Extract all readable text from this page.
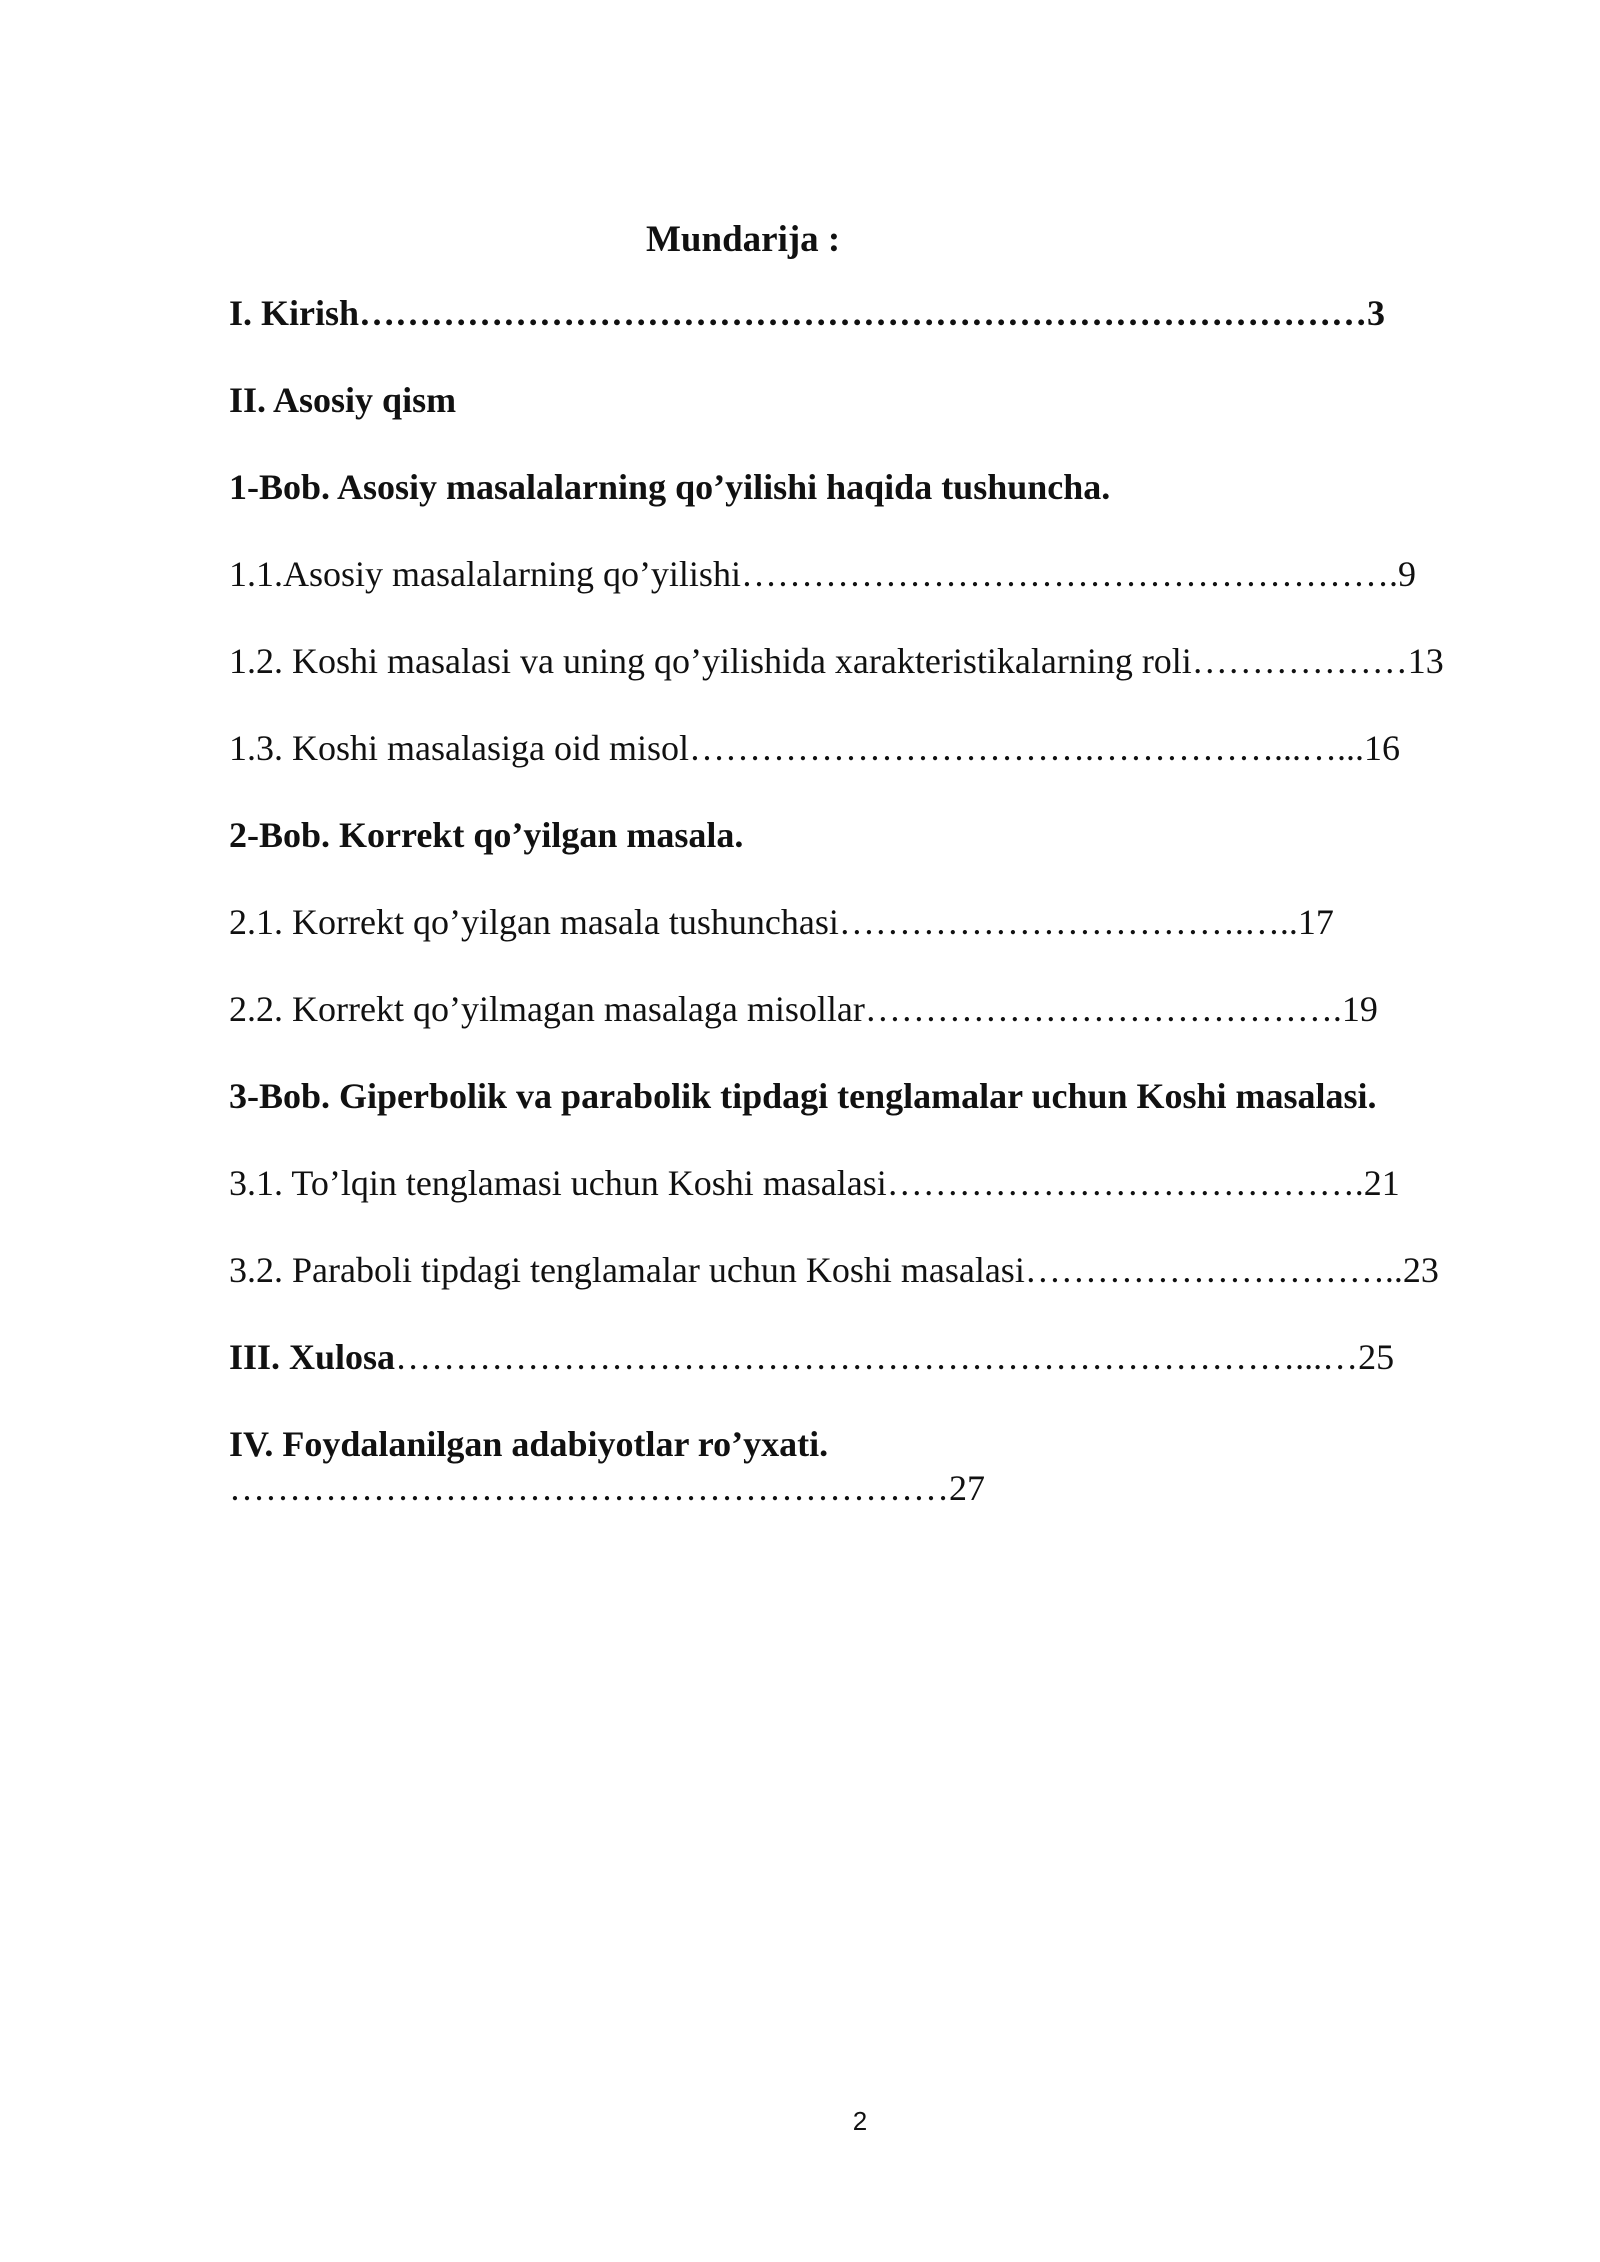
Mundarija :
I. Kirish…………………………………………………………………………3
II. Asosiy qism
1-Bob. Asosiy masalalarning qo’yilishi haqida tushuncha.
1.1.Asosiy masalalarning qo’yilishi……………………………………………….9
1.2. Koshi masalasi va uning qo’yilishida xarakteristikalarning roli………………13
1.3. Koshi masalasiga oid misol…………………………….……………...…...16
2-Bob. Korrekt qo’yilgan masala.
2.1. Korrekt qo’yilgan masala tushunchasi…………………………….…..17
2.2. Korrekt qo’yilmagan masalaga misollar………………………………….19
3-Bob. Giperbolik va parabolik tipdagi tenglamalar uchun Koshi masalasi.
3.1. To’lqin tenglamasi uchun Koshi masalasi………………………………….21
3.2. Paraboli tipdagi tenglamalar uchun Koshi masalasi…………………………..23
III. Xulosa…………………………………………………………………...…25
IV. Foydalanilgan adabiyotlar ro’yxati.
……………………………………………………27
2
